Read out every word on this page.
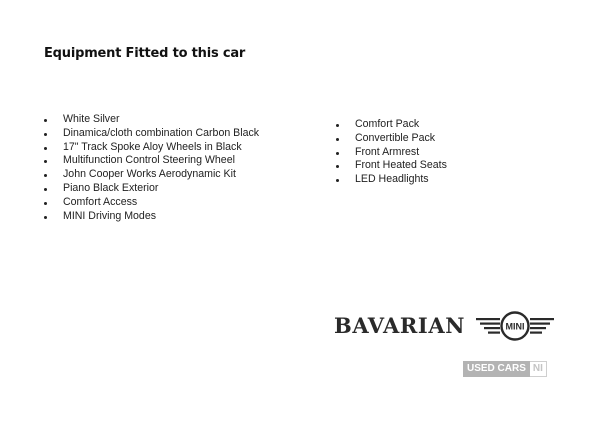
Equipment Fitted to this car
White Silver
Dinamica/cloth combination Carbon Black
17" Track Spoke Aloy Wheels in Black
Multifunction Control Steering Wheel
John Cooper Works Aerodynamic Kit
Piano Black Exterior
Comfort Access
MINI Driving Modes
Comfort Pack
Convertible Pack
Front Armrest
Front Heated Seats
LED Headlights
BAVARIAN	MINI
USED CARS NI
